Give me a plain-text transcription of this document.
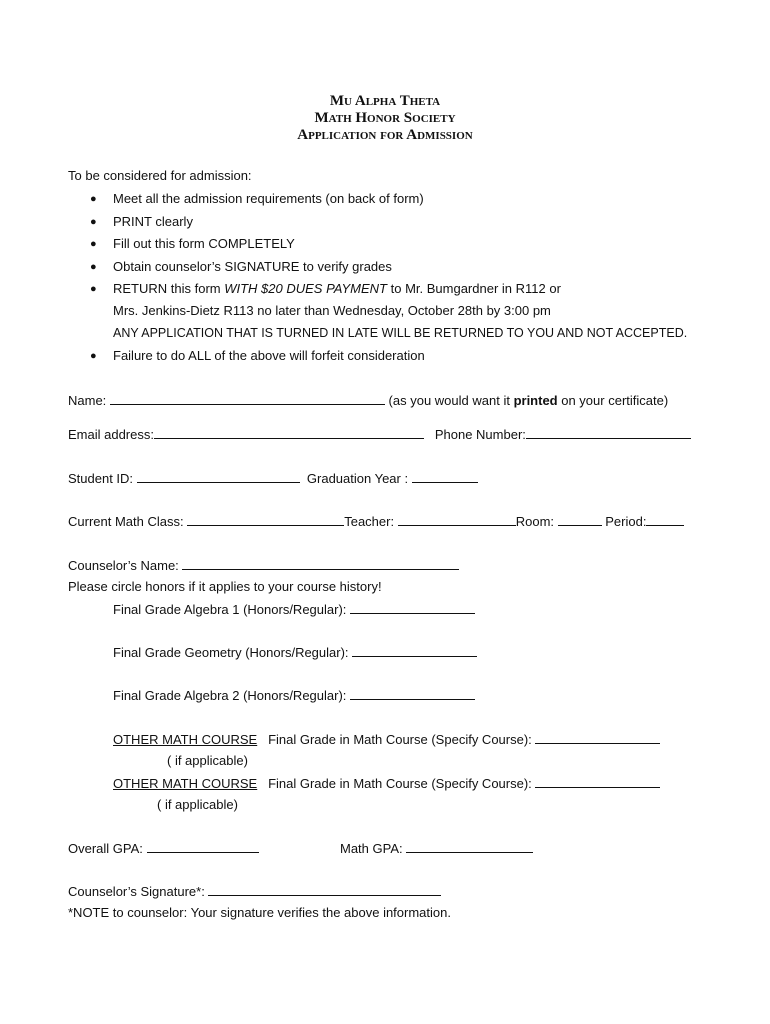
Mu Alpha Theta
Math Honor Society
Application for Admission
To be considered for admission:
● Meet all the admission requirements (on back of form)
● PRINT clearly
● Fill out this form COMPLETELY
● Obtain counselor’s SIGNATURE to verify grades
● RETURN this form WITH $20 DUES PAYMENT to Mr. Bumgardner in R112 or
Mrs. Jenkins-Dietz R113 no later than Wednesday, October 28th by 3:00 pm
ANY APPLICATION THAT IS TURNED IN LATE WILL BE RETURNED TO YOU AND NOT ACCEPTED.
● Failure to do ALL of the above will forfeit consideration
Name:	(as you would want it printed on your certificate)
Email address:	Phone Number:
Student ID:	Graduation Year :
Current Math Class:	Teacher:	Room:	Period:
Counselor’s Name:
Please circle honors if it applies to your course history!
Final Grade Algebra 1 (Honors/Regular):
Final Grade Geometry (Honors/Regular):
Final Grade Algebra 2 (Honors/Regular):
OTHER MATH COURSE Final Grade in Math Course (Specify Course):
( if applicable)
OTHER MATH COURSE Final Grade in Math Course (Specify Course):
( if applicable)
Overall GPA:	Math GPA:
Counselor’s Signature*:
*NOTE to counselor: Your signature verifies the above information.
